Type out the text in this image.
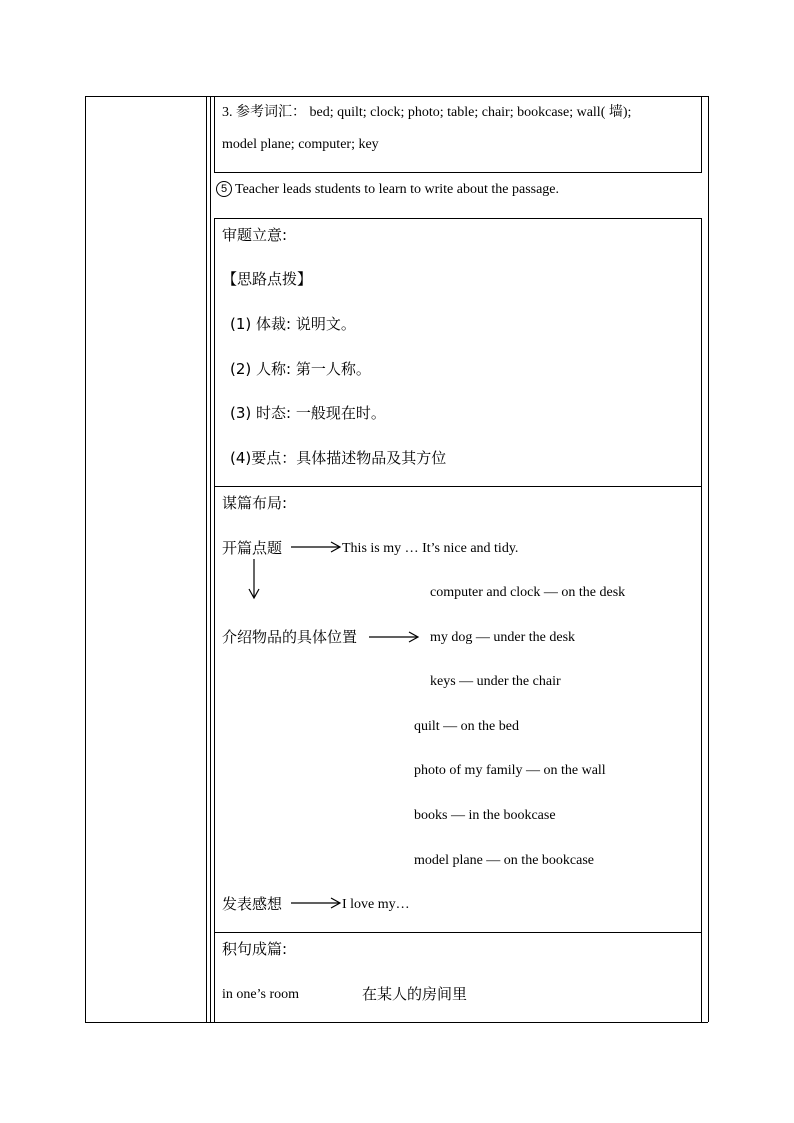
3. 参考词汇： bed; quilt; clock; photo; table; chair; bookcase; wall( 墙);
model plane; computer; key
5 Teacher leads students to learn to write about the passage.
审题立意:
【思路点拨】
(1) 体裁: 说明文。
(2) 人称: 第一人称。
(3) 时态: 一般现在时。
(4)要点：具体描述物品及其方位
谋篇布局:
开篇点题	This is my … It’s nice and tidy.
computer and clock — on the desk
介绍物品的具体位置	my dog — under the desk
keys — under the chair
quilt — on the bed
photo of my family — on the wall
books — in the bookcase
model plane — on the bookcase
发表感想	I love my…
积句成篇:
in one’s room	在某人的房间里
